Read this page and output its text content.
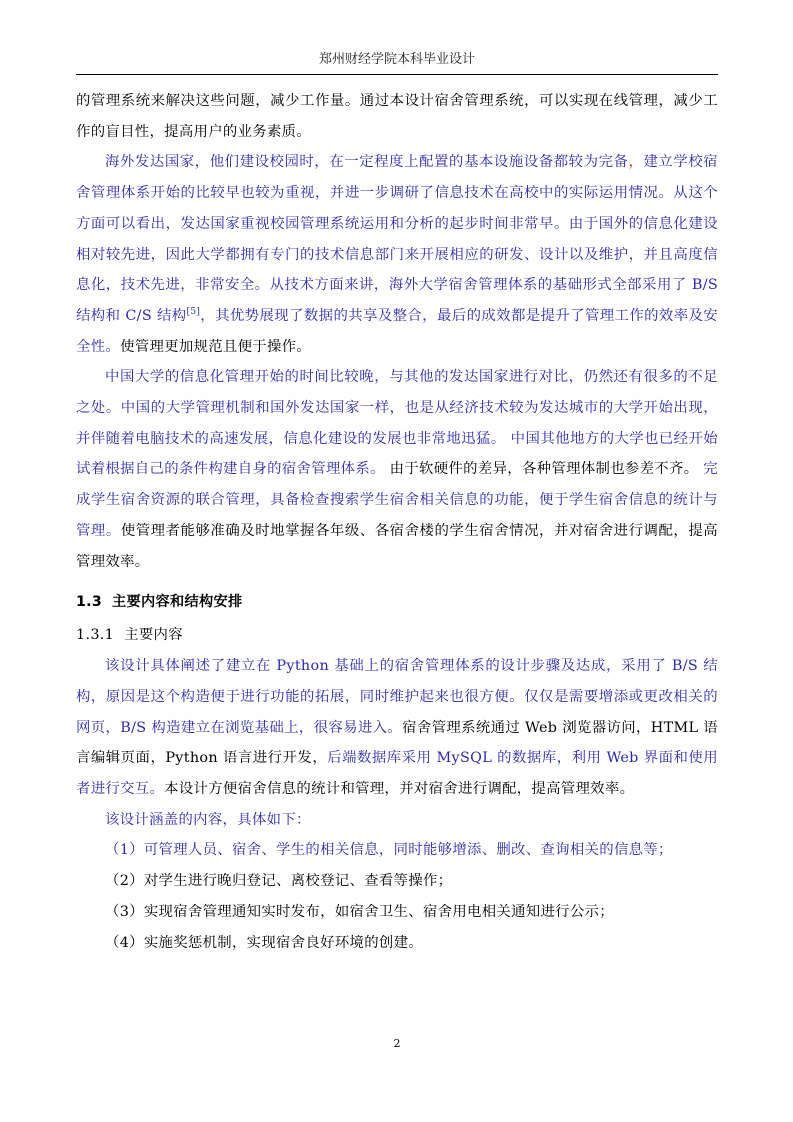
郑州财经学院本科毕业设计

的管理系统来解决这些问题，减少工作量。通过本设计宿舍管理系统，可以实现在线管理，减少工作的盲目性，提高用户的业务素质。

海外发达国家，他们建设校园时，在一定程度上配置的基本设施设备都较为完备，建立学校宿舍管理体系开始的比较早也较为重视，并进一步调研了信息技术在高校中的实际运用情况。从这个方面可以看出，发达国家重视校园管理系统运用和分析的起步时间非常早。由于国外的信息化建设相对较先进，因此大学都拥有专门的技术信息部门来开展相应的研发、设计以及维护，并且高度信息化，技术先进，非常安全。从技术方面来讲，海外大学宿舍管理体系的基础形式全部采用了 B/S 结构和 C/S 结构[5]，其优势展现了数据的共享及整合，最后的成效都是提升了管理工作的效率及安全性。使管理更加规范且便于操作。

中国大学的信息化管理开始的时间比较晚，与其他的发达国家进行对比，仍然还有很多的不足之处。中国的大学管理机制和国外发达国家一样，也是从经济技术较为发达城市的大学开始出现，并伴随着电脑技术的高速发展，信息化建设的发展也非常地迅猛。 中国其他地方的大学也已经开始试着根据自己的条件构建自身的宿舍管理体系。 由于软硬件的差异，各种管理体制也参差不齐。 完成学生宿舍资源的联合管理，具备检查搜索学生宿舍相关信息的功能，便于学生宿舍信息的统计与管理。使管理者能够准确及时地掌握各年级、各宿舍楼的学生宿舍情况，并对宿舍进行调配，提高管理效率。

1.3 主要内容和结构安排
1.3.1 主要内容

该设计具体阐述了建立在 Python 基础上的宿舍管理体系的设计步骤及达成，采用了 B/S 结构，原因是这个构造便于进行功能的拓展，同时维护起来也很方便。仅仅是需要增添或更改相关的网页，B/S 构造建立在浏览基础上，很容易进入。宿舍管理系统通过 Web 浏览器访问，HTML 语言编辑页面，Python 语言进行开发，后端数据库采用 MySQL 的数据库，利用 Web 界面和使用者进行交互。本设计方便宿舍信息的统计和管理，并对宿舍进行调配，提高管理效率。

该设计涵盖的内容，具体如下：

（1）可管理人员、宿舍、学生的相关信息，同时能够增添、删改、查询相关的信息等；

（2）对学生进行晚归登记、离校登记、查看等操作；

（3）实现宿舍管理通知实时发布，如宿舍卫生、宿舍用电相关通知进行公示；

（4）实施奖惩机制，实现宿舍良好环境的创建。

2
